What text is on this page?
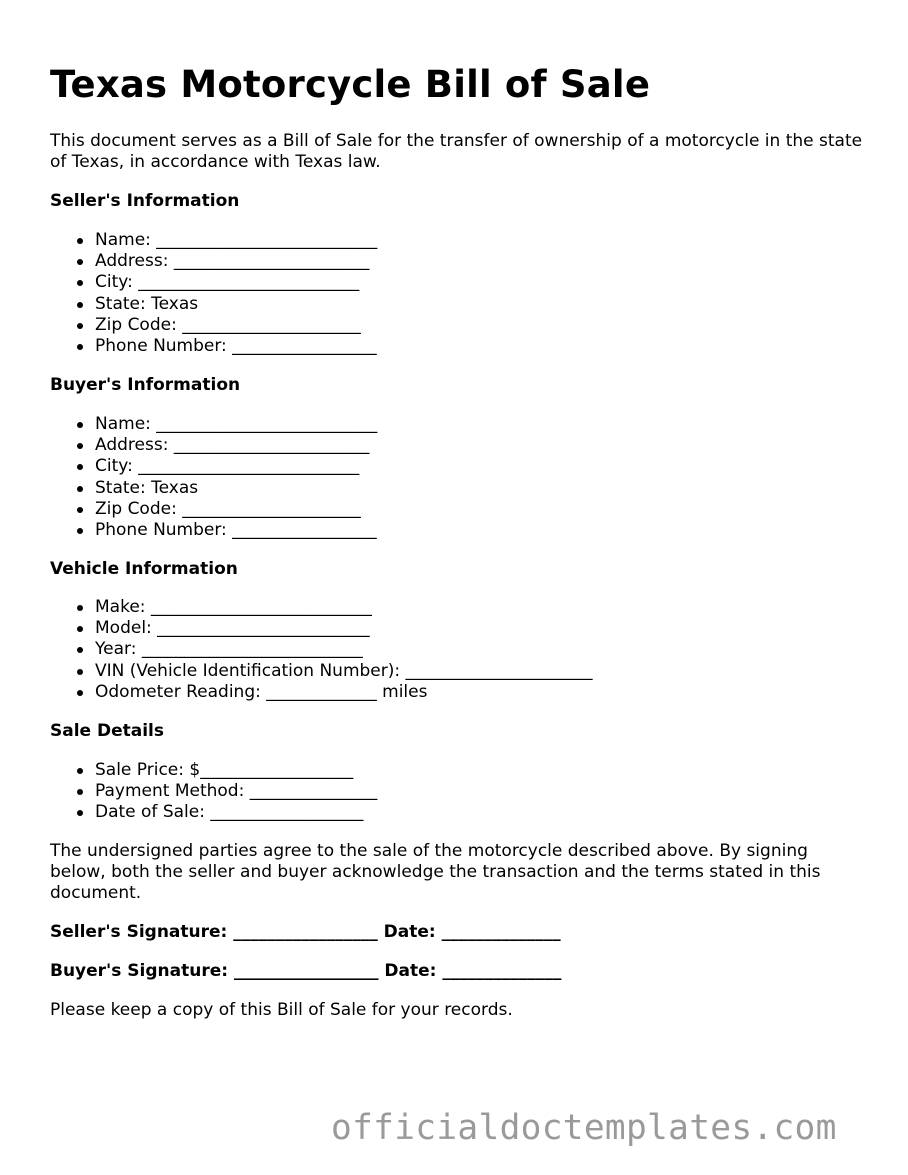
Texas Motorcycle Bill of Sale

This document serves as a Bill of Sale for the transfer of ownership of a motorcycle in the state of Texas, in accordance with Texas law.

Seller's Information
Name: __________________________
Address: _______________________
City: __________________________
State: Texas
Zip Code: _____________________
Phone Number: _________________
Buyer's Information
Name: __________________________
Address: _______________________
City: __________________________
State: Texas
Zip Code: _____________________
Phone Number: _________________
Vehicle Information
Make: __________________________
Model: _________________________
Year: __________________________
VIN (Vehicle Identification Number): ______________________
Odometer Reading: _____________ miles
Sale Details
Sale Price: $__________________
Payment Method: _______________
Date of Sale: __________________

The undersigned parties agree to the sale of the motorcycle described above. By signing below, both the seller and buyer acknowledge the transaction and the terms stated in this document.

Seller's Signature: _________________ Date: ______________
Buyer's Signature: _________________ Date: ______________

Please keep a copy of this Bill of Sale for your records.

officialdoctemplates.com
